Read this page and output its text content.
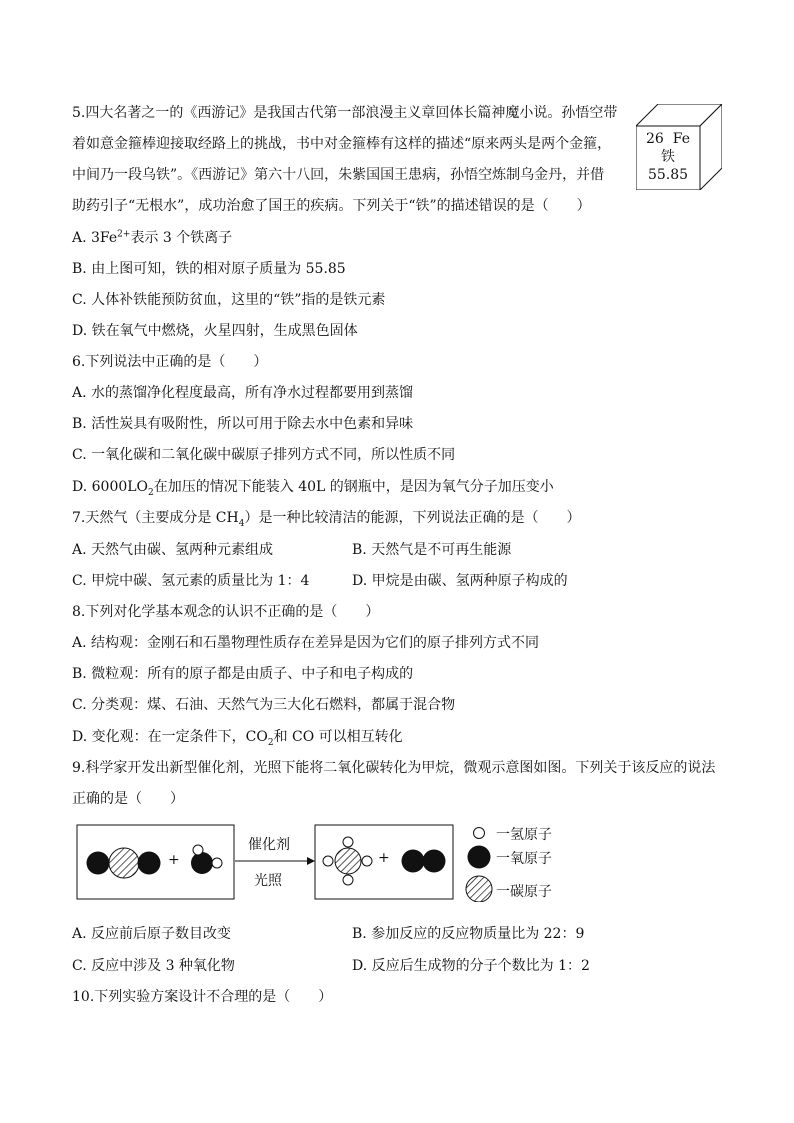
5.四大名著之一的《西游记》是我国古代第一部浪漫主义章回体长篇神魔小说。孙悟空带
着如意金箍棒迎接取经路上的挑战，书中对金箍棒有这样的描述“原来两头是两个金箍，
中间乃一段乌铁”。《西游记》第六十八回，朱紫国国王患病，孙悟空炼制乌金丹，并借
助药引子“无根水”，成功治愈了国王的疾病。下列关于“铁”的描述错误的是（　　）
26 Fe
铁
55.85
A. $3Fe^{2+}$表示 3 个铁离子
B. 由上图可知，铁的相对原子质量为 55.85
C. 人体补铁能预防贫血，这里的“铁”指的是铁元素
D. 铁在氧气中燃烧，火星四射，生成黑色固体
6.下列说法中正确的是（　　）
A. 水的蒸馏净化程度最高，所有净水过程都要用到蒸馏
B. 活性炭具有吸附性，所以可用于除去水中色素和异味
C. 一氧化碳和二氧化碳中碳原子排列方式不同，所以性质不同
D. $6000LO_2$在加压的情况下能装入 40L 的钢瓶中，是因为氧气分子加压变小
7.天然气（主要成分是 $CH_4$）是一种比较清洁的能源，下列说法正确的是（　　）
A. 天然气由碳、氢两种元素组成	B. 天然气是不可再生能源
C. 甲烷中碳、氢元素的质量比为 1：4	D. 甲烷是由碳、氢两种原子构成的
8.下列对化学基本观念的认识不正确的是（　　）
A. 结构观：金刚石和石墨物理性质存在差异是因为它们的原子排列方式不同
B. 微粒观：所有的原子都是由质子、中子和电子构成的
C. 分类观：煤、石油、天然气为三大化石燃料，都属于混合物
D. 变化观：在一定条件下，$CO_2$和 CO 可以相互转化
9.科学家开发出新型催化剂，光照下能将二氧化碳转化为甲烷，微观示意图如图。下列关于该反应的说法
正确的是（　　）
+	+
催化剂
光照
一氢原子
一氧原子
一碳原子
A. 反应前后原子数目改变	B. 参加反应的反应物质量比为 22：9
C. 反应中涉及 3 种氧化物	D. 反应后生成物的分子个数比为 1：2
10.下列实验方案设计不合理的是（　　）
